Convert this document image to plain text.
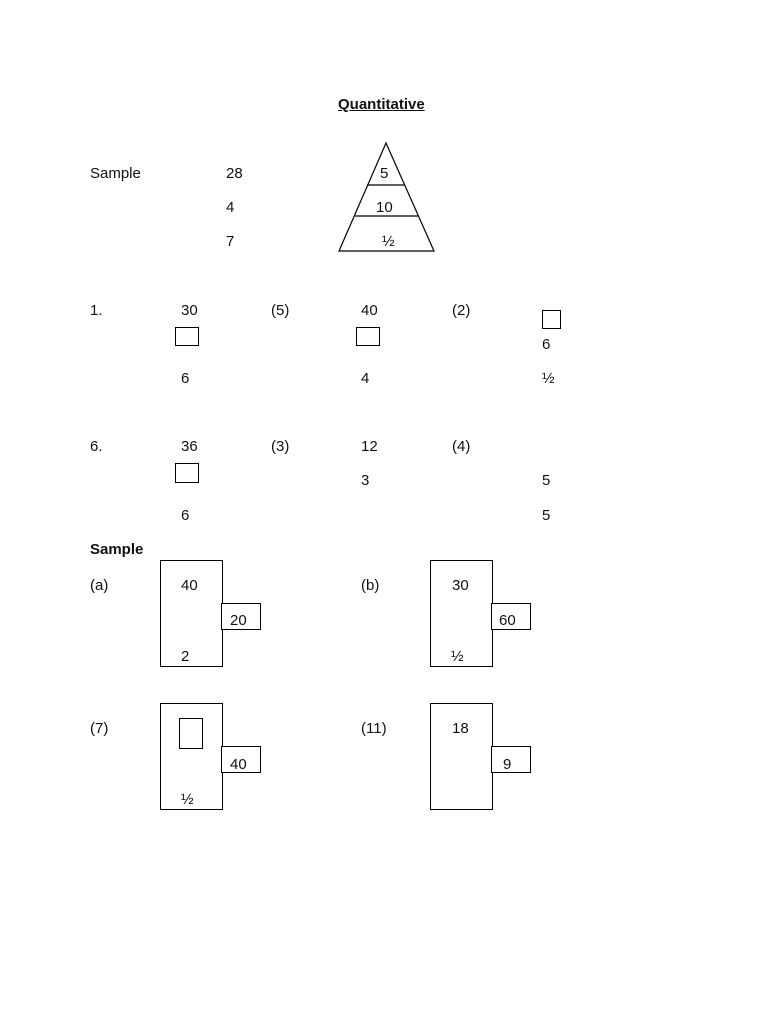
Quantitative
Sample	28
4
7
5
10
½
1.	30
6
(5)	40
4
(2)
6
½
6.	36
6
(3)	12
3
(4)
5
5
Sample
(a)	40
20
2
(b)	30
60
½
(7)
40
½
(11)	18
9
